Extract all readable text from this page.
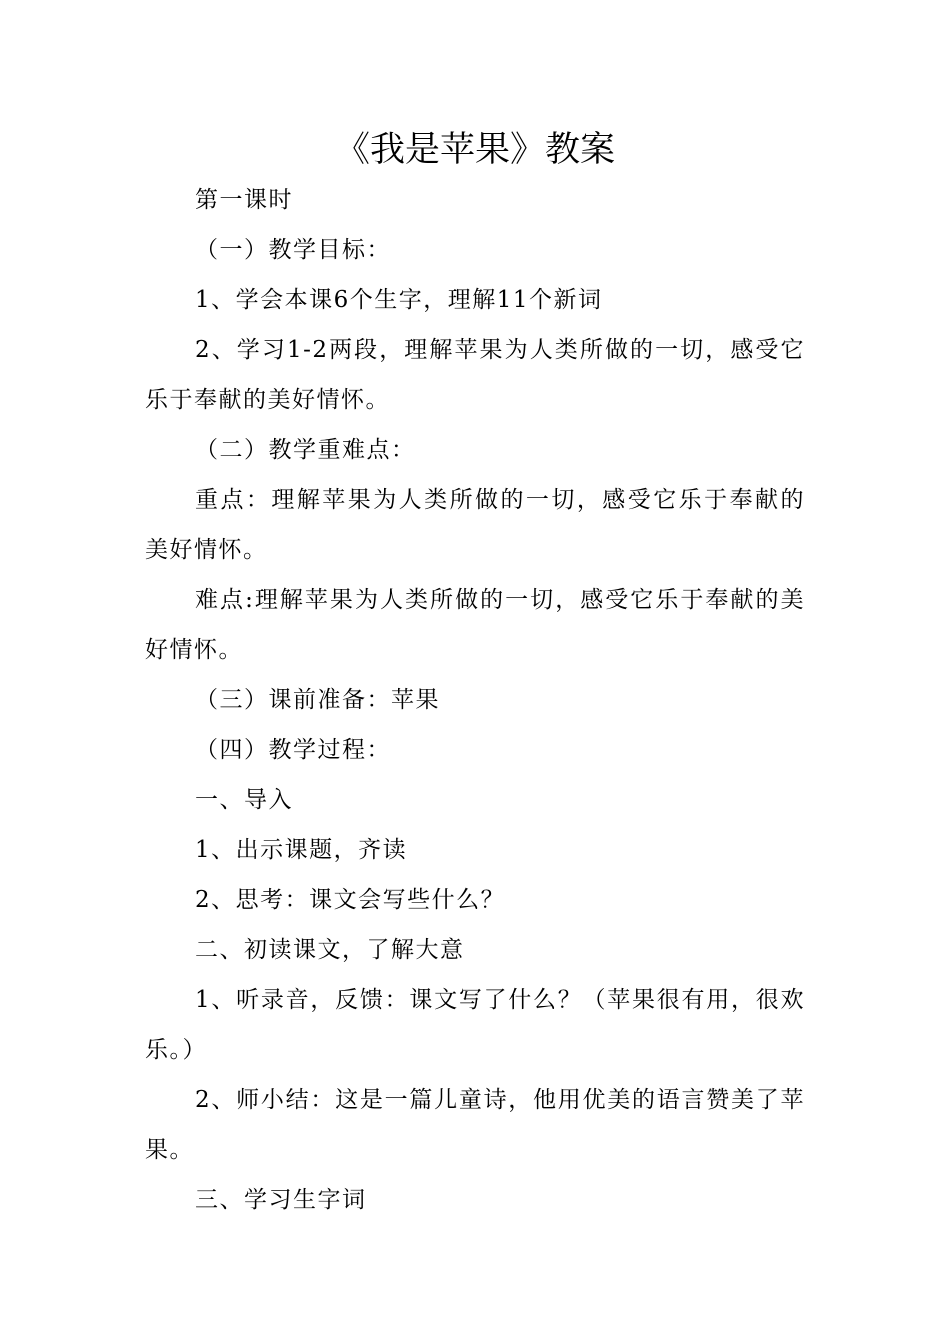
《我是苹果》教案

第一课时

（一）教学目标：

1、学会本课6个生字，理解11个新词

2、学习1-2两段，理解苹果为人类所做的一切，感受它乐于奉献的美好情怀。

（二）教学重难点：

重点：理解苹果为人类所做的一切，感受它乐于奉献的美好情怀。

难点:理解苹果为人类所做的一切，感受它乐于奉献的美好情怀。

（三）课前准备：苹果

（四）教学过程：

一、导入

1、出示课题，齐读

2、思考：课文会写些什么？

二、初读课文，了解大意

1、听录音，反馈：课文写了什么？（苹果很有用，很欢乐。）

2、师小结：这是一篇儿童诗，他用优美的语言赞美了苹果。

三、学习生字词
